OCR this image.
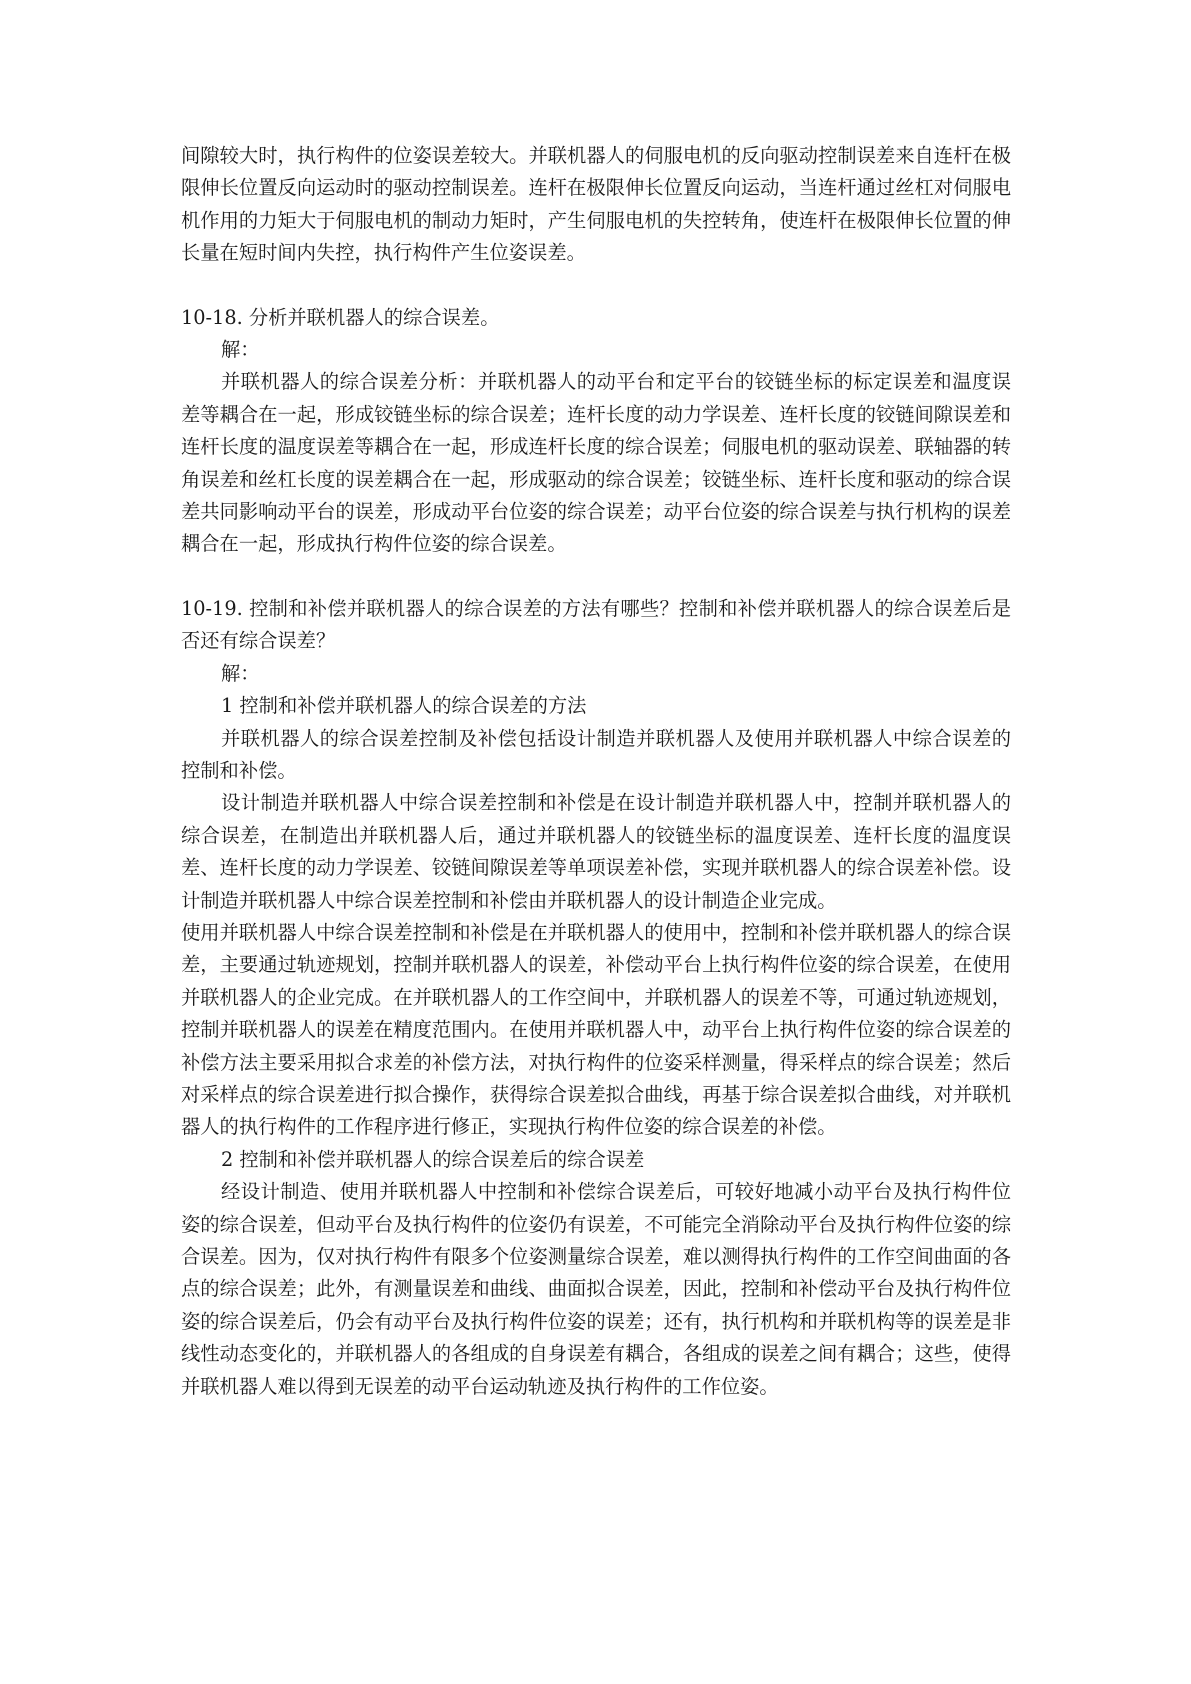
间隙较大时，执行构件的位姿误差较大。并联机器人的伺服电机的反向驱动控制误差来自连杆在极限伸长位置反向运动时的驱动控制误差。连杆在极限伸长位置反向运动，当连杆通过丝杠对伺服电机作用的力矩大于伺服电机的制动力矩时，产生伺服电机的失控转角，使连杆在极限伸长位置的伸长量在短时间内失控，执行构件产生位姿误差。

10-18. 分析并联机器人的综合误差。

解：

并联机器人的综合误差分析：并联机器人的动平台和定平台的铰链坐标的标定误差和温度误差等耦合在一起，形成铰链坐标的综合误差；连杆长度的动力学误差、连杆长度的铰链间隙误差和连杆长度的温度误差等耦合在一起，形成连杆长度的综合误差；伺服电机的驱动误差、联轴器的转角误差和丝杠长度的误差耦合在一起，形成驱动的综合误差；铰链坐标、连杆长度和驱动的综合误差共同影响动平台的误差，形成动平台位姿的综合误差；动平台位姿的综合误差与执行机构的误差耦合在一起，形成执行构件位姿的综合误差。

10-19. 控制和补偿并联机器人的综合误差的方法有哪些？控制和补偿并联机器人的综合误差后是否还有综合误差？

解：

1 控制和补偿并联机器人的综合误差的方法

并联机器人的综合误差控制及补偿包括设计制造并联机器人及使用并联机器人中综合误差的控制和补偿。

设计制造并联机器人中综合误差控制和补偿是在设计制造并联机器人中，控制并联机器人的综合误差，在制造出并联机器人后，通过并联机器人的铰链坐标的温度误差、连杆长度的温度误差、连杆长度的动力学误差、铰链间隙误差等单项误差补偿，实现并联机器人的综合误差补偿。设计制造并联机器人中综合误差控制和补偿由并联机器人的设计制造企业完成。

使用并联机器人中综合误差控制和补偿是在并联机器人的使用中，控制和补偿并联机器人的综合误差，主要通过轨迹规划，控制并联机器人的误差，补偿动平台上执行构件位姿的综合误差，在使用并联机器人的企业完成。在并联机器人的工作空间中，并联机器人的误差不等，可通过轨迹规划，控制并联机器人的误差在精度范围内。在使用并联机器人中，动平台上执行构件位姿的综合误差的补偿方法主要采用拟合求差的补偿方法，对执行构件的位姿采样测量，得采样点的综合误差；然后对采样点的综合误差进行拟合操作，获得综合误差拟合曲线，再基于综合误差拟合曲线，对并联机器人的执行构件的工作程序进行修正，实现执行构件位姿的综合误差的补偿。

2 控制和补偿并联机器人的综合误差后的综合误差

经设计制造、使用并联机器人中控制和补偿综合误差后，可较好地减小动平台及执行构件位姿的综合误差，但动平台及执行构件的位姿仍有误差，不可能完全消除动平台及执行构件位姿的综合误差。因为，仅对执行构件有限多个位姿测量综合误差，难以测得执行构件的工作空间曲面的各点的综合误差；此外，有测量误差和曲线、曲面拟合误差，因此，控制和补偿动平台及执行构件位姿的综合误差后，仍会有动平台及执行构件位姿的误差；还有，执行机构和并联机构等的误差是非线性动态变化的，并联机器人的各组成的自身误差有耦合，各组成的误差之间有耦合；这些，使得并联机器人难以得到无误差的动平台运动轨迹及执行构件的工作位姿。
